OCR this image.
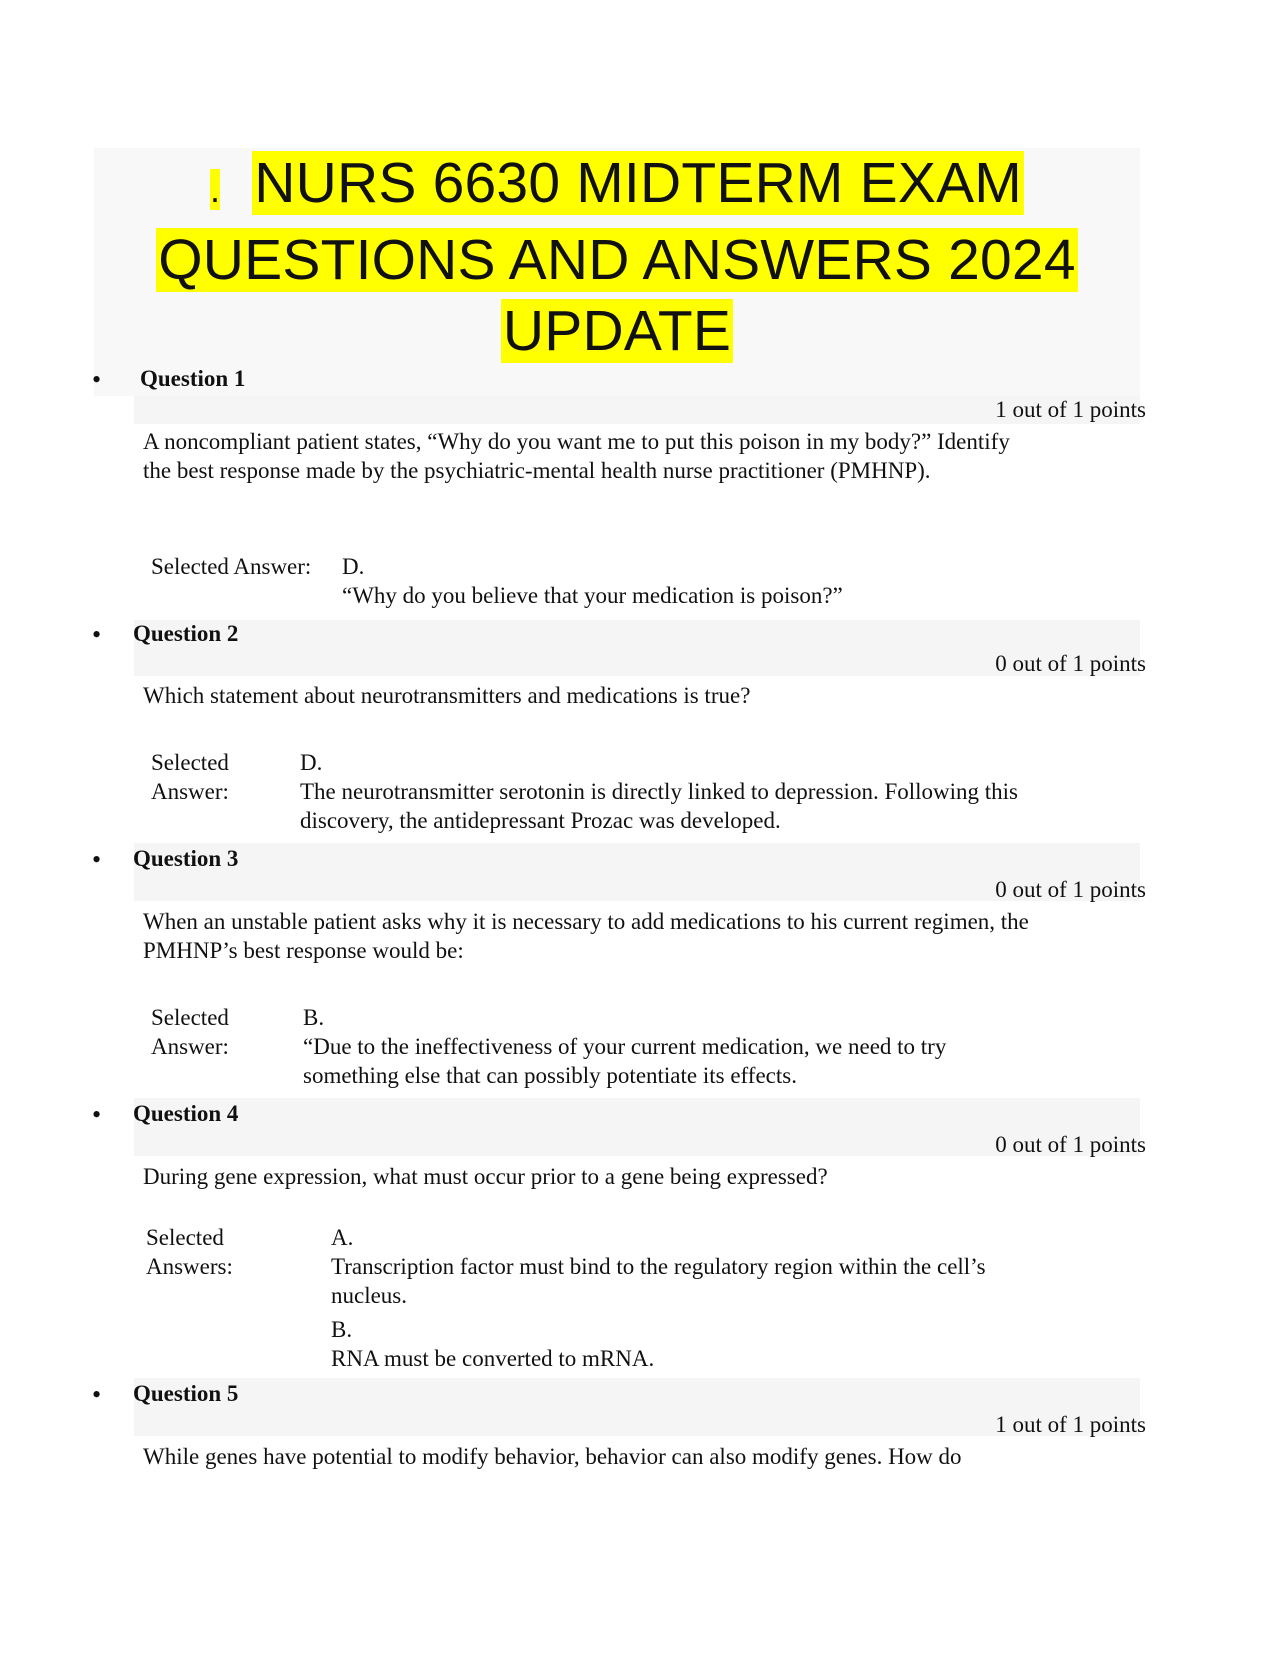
. NURS 6630 MIDTERM EXAM
QUESTIONS AND ANSWERS 2024
UPDATE
• Question 1
1 out of 1 points
A noncompliant patient states, “Why do you want me to put this poison in my body?” Identify the best response made by the psychiatric-mental health nurse practitioner (PMHNP).
Selected Answer: D.
“Why do you believe that your medication is poison?”
• Question 2
0 out of 1 points
Which statement about neurotransmitters and medications is true?
Selected
Answer:
D.
The neurotransmitter serotonin is directly linked to depression. Following this discovery, the antidepressant Prozac was developed.
• Question 3
0 out of 1 points
When an unstable patient asks why it is necessary to add medications to his current regimen, the PMHNP’s best response would be:
Selected
Answer:
B.
“Due to the ineffectiveness of your current medication, we need to try something else that can possibly potentiate its effects.
• Question 4
0 out of 1 points
During gene expression, what must occur prior to a gene being expressed?
Selected
Answers:
A.
Transcription factor must bind to the regulatory region within the cell’s nucleus.
B.
RNA must be converted to mRNA.
• Question 5
1 out of 1 points
While genes have potential to modify behavior, behavior can also modify genes. How do
